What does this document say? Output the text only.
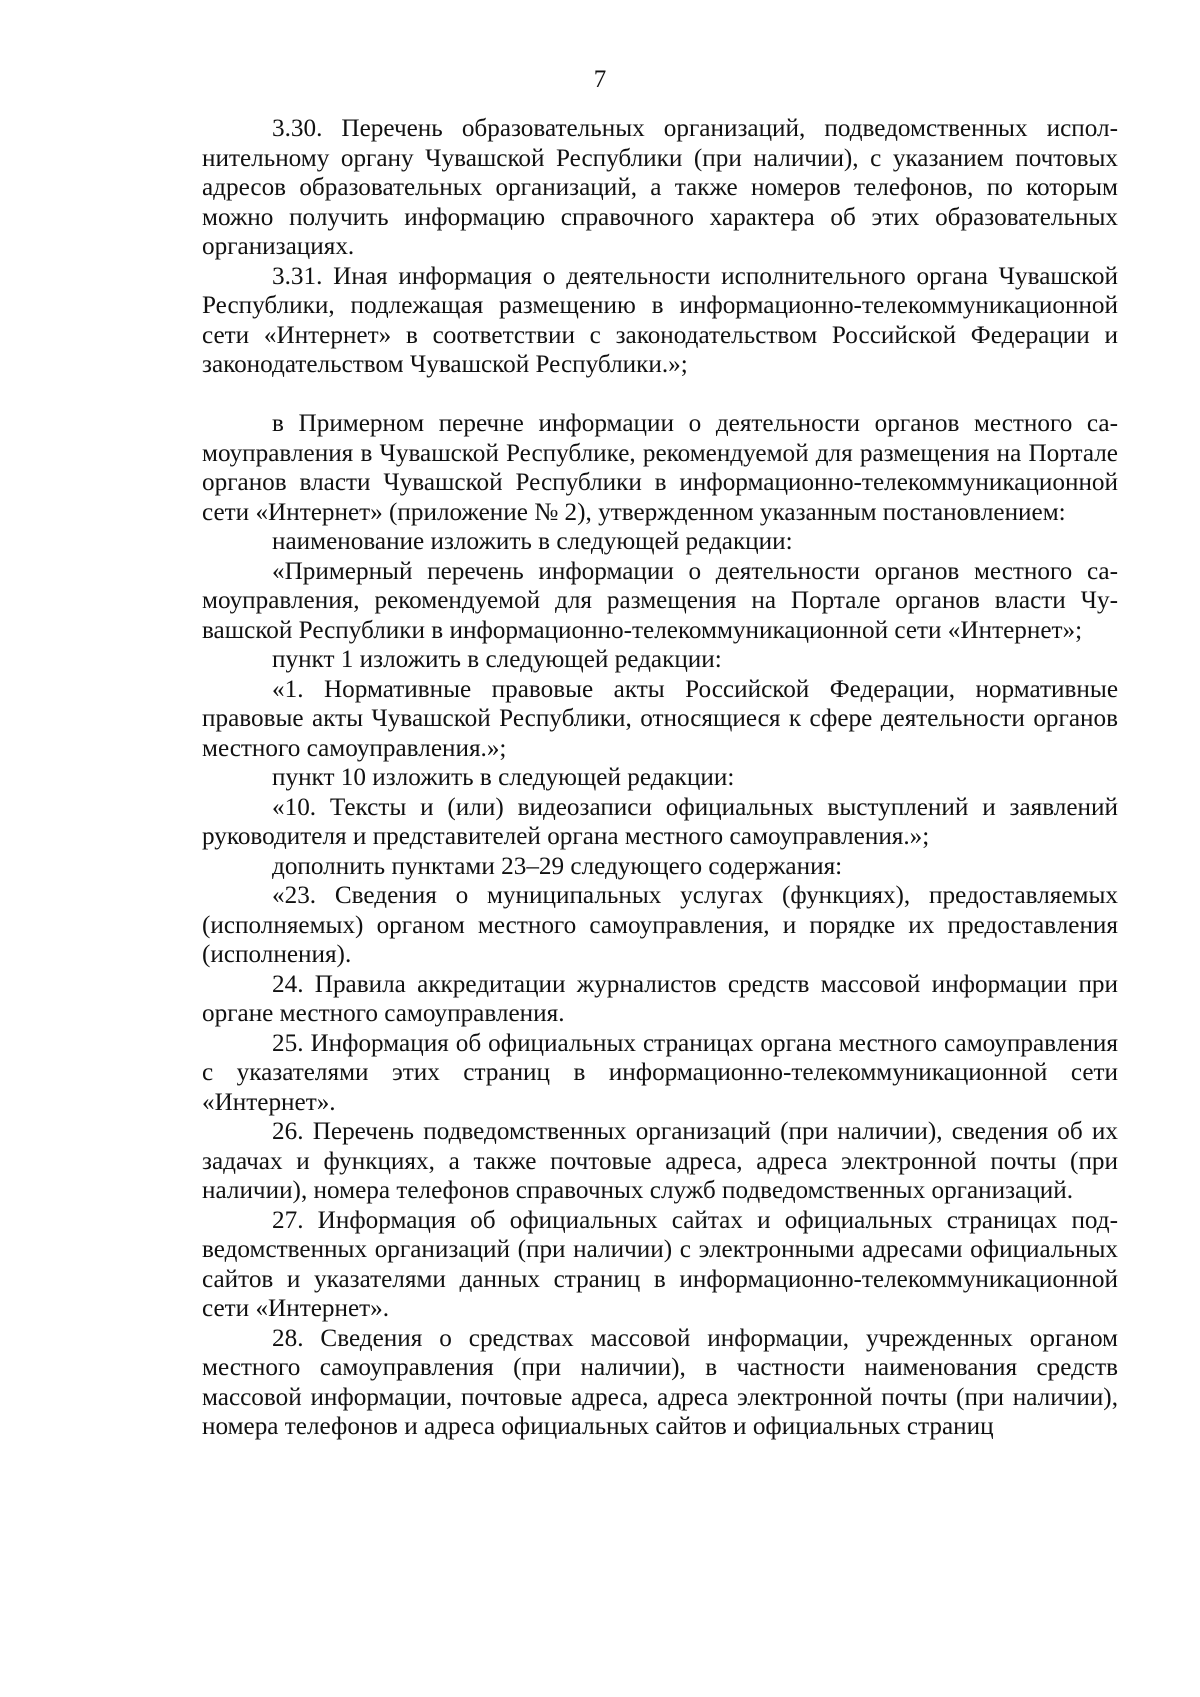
7

3.30. Перечень образовательных организаций, подведомственных исполнительному органу Чувашской Республики (при наличии), с указанием почтовых адресов образовательных организаций, а также номеров телефонов, по которым можно получить информацию справочного характера об этих образовательных организациях.

3.31. Иная информация о деятельности исполнительного органа Чувашской Республики, подлежащая размещению в информационно-телекоммуникационной сети «Интернет» в соответствии с законодательством Российской Федерации и законодательством Чувашской Республики.»;

в Примерном перечне информации о деятельности органов местного самоуправления в Чувашской Республике, рекомендуемой для размещения на Портале органов власти Чувашской Республики в информационно-телекоммуникационной сети «Интернет» (приложение № 2), утвержденном указанным постановлением:

наименование изложить в следующей редакции:

«Примерный перечень информации о деятельности органов местного самоуправления, рекомендуемой для размещения на Портале органов власти Чувашской Республики в информационно-телекоммуникационной сети «Интернет»;

пункт 1 изложить в следующей редакции:

«1. Нормативные правовые акты Российской Федерации, нормативные правовые акты Чувашской Республики, относящиеся к сфере деятельности органов местного самоуправления.»;

пункт 10 изложить в следующей редакции:

«10. Тексты и (или) видеозаписи официальных выступлений и заявлений руководителя и представителей органа местного самоуправления.»;

дополнить пунктами 23–29 следующего содержания:

«23. Сведения о муниципальных услугах (функциях), предоставляемых (исполняемых) органом местного самоуправления, и порядке их предоставления (исполнения).

24. Правила аккредитации журналистов средств массовой информации при органе местного самоуправления.

25. Информация об официальных страницах органа местного самоуправления с указателями этих страниц в информационно-телекоммуникационной сети «Интернет».

26. Перечень подведомственных организаций (при наличии), сведения об их задачах и функциях, а также почтовые адреса, адреса электронной почты (при наличии), номера телефонов справочных служб подведомственных организаций.

27. Информация об официальных сайтах и официальных страницах подведомственных организаций (при наличии) с электронными адресами официальных сайтов и указателями данных страниц в информационно-телекоммуникационной сети «Интернет».

28. Сведения о средствах массовой информации, учрежденных органом местного самоуправления (при наличии), в частности наименования средств массовой информации, почтовые адреса, адреса электронной почты (при наличии), номера телефонов и адреса официальных сайтов и официальных страниц
